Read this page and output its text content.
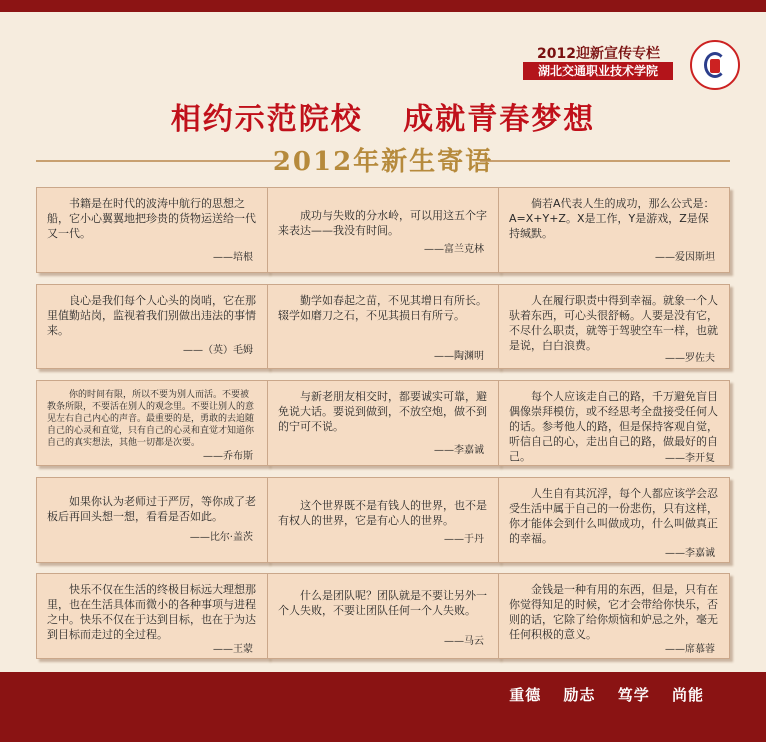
2012迎新宣传专栏
湖北交通职业技术学院
相约示范院校 成就青春梦想
2012年新生寄语
书籍是在时代的波涛中航行的思想之船，它小心翼翼地把珍贵的货物运送给一代又一代。
——培根
成功与失败的分水岭，可以用这五个字来表达——我没有时间。
——富兰克林
倘若A代表人生的成功，那么公式是：A=X+Y+Z。X是工作，Y是游戏，Z是保持缄默。
——爱因斯坦
良心是我们每个人心头的岗哨，它在那里值勤站岗，监视着我们别做出违法的事情来。
——（英）毛姆
勤学如春起之苗，不见其增日有所长。辍学如磨刀之石，不见其损日有所亏。
——陶渊明
人在履行职责中得到幸福。就象一个人驮着东西，可心头很舒畅。人要是没有它，不尽什么职责，就等于驾驶空车一样，也就是说，白白浪费。
——罗佐夫
你的时间有限，所以不要为别人而活。不要被教条所限，不要活在别人的观念里。不要让别人的意见左右自己内心的声音。最重要的是，勇敢的去追随自己的心灵和直觉，只有自己的心灵和直觉才知道你自己的真实想法，其他一切都是次要。
——乔布斯
与新老朋友相交时，都要诚实可靠，避免说大话。要说到做到，不放空炮，做不到的宁可不说。
——李嘉诚
每个人应该走自己的路，千万避免盲目偶像崇拜模仿，或不经思考全盘接受任何人的话。参考他人的路，但是保持客观自觉，听信自己的心，走出自己的路，做最好的自己。	——李开复
如果你认为老师过于严厉，等你成了老板后再回头想一想，看看是否如此。
——比尔·盖茨
这个世界既不是有钱人的世界，也不是有权人的世界，它是有心人的世界。
——于丹
人生自有其沉浮，每个人都应该学会忍受生活中属于自己的一份悲伤，只有这样，你才能体会到什么叫做成功，什么叫做真正的幸福。
——李嘉诚
快乐不仅在生活的终极目标远大理想那里，也在生活具体而微小的各种事项与进程之中。快乐不仅在于达到目标，也在于为达到目标而走过的全过程。
——王蒙
什么是团队呢？团队就是不要让另外一个人失败，不要让团队任何一个人失败。
——马云
金钱是一种有用的东西，但是，只有在你觉得知足的时候，它才会带给你快乐，否则的话，它除了给你烦恼和妒忌之外，毫无任何积极的意义。
——席慕蓉
重德 励志 笃学 尚能
